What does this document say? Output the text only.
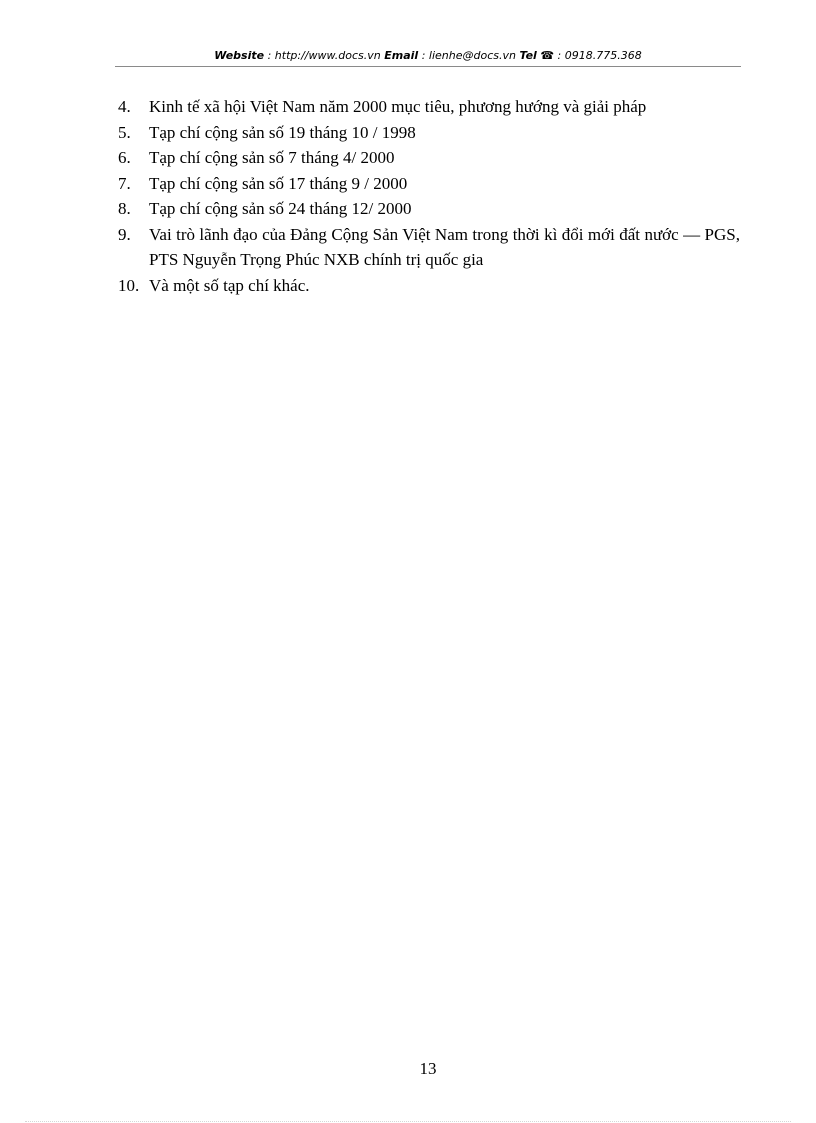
Website : http://www.docs.vn Email : lienhe@docs.vn Tel ☎ : 0918.775.368
4.	Kinh tế xã hội Việt Nam năm 2000 mục tiêu, phương hướng và giải pháp
5.	Tạp chí cộng sản số 19 tháng 10 / 1998
6.	Tạp chí cộng sản số 7 tháng 4/ 2000
7.	Tạp chí cộng sản số 17 tháng 9 / 2000
8.	Tạp chí cộng sản số 24 tháng 12/ 2000
9.	Vai trò lãnh đạo của Đảng Cộng Sản Việt Nam trong thời kì đổi mới đất nước — PGS, PTS Nguyễn Trọng Phúc NXB chính trị quốc gia
10. Và một số tạp chí khác.
13
